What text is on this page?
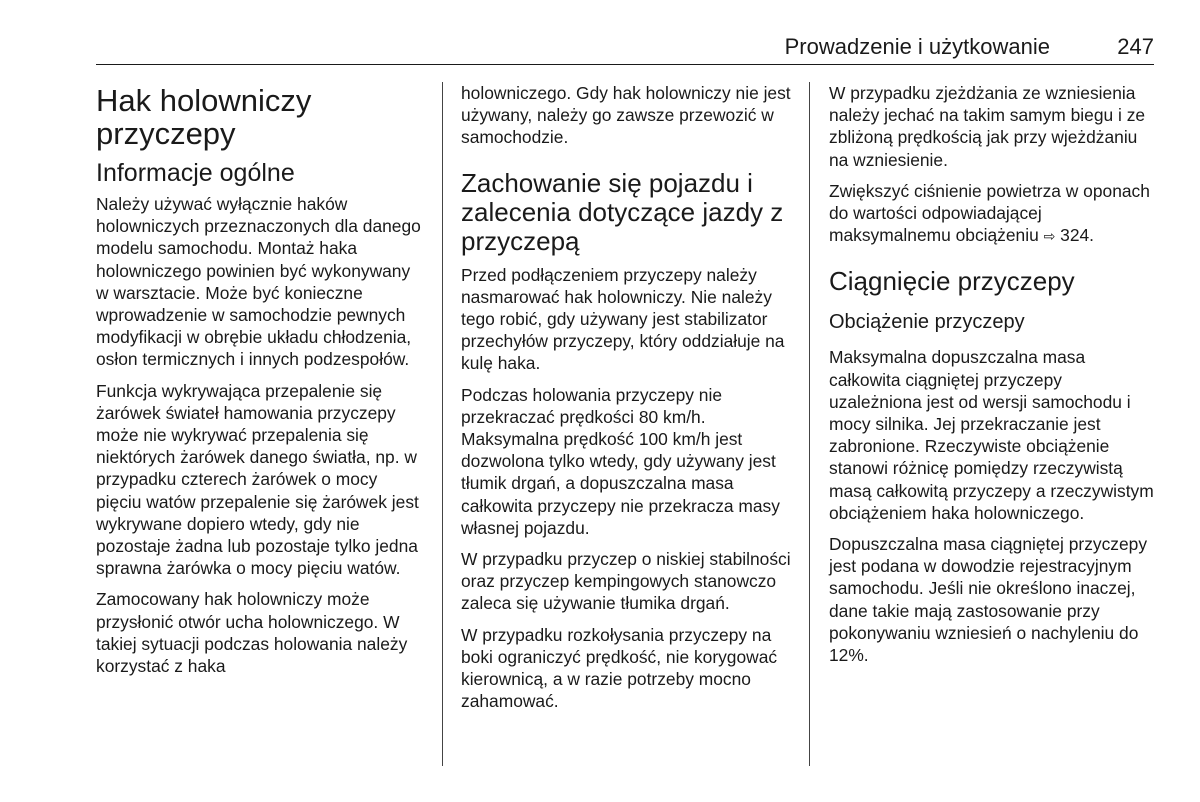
Prowadzenie i użytkowanie	247
Hak holowniczy przyczepy
Informacje ogólne

Należy używać wyłącznie haków holowniczych przeznaczonych dla danego modelu samochodu. Montaż haka holowniczego powinien być wykonywany w warsztacie. Może być konieczne wprowadzenie w samochodzie pewnych modyfikacji w obrębie układu chłodzenia, osłon termicznych i innych podzespołów.

Funkcja wykrywająca przepalenie się żarówek świateł hamowania przyczepy może nie wykrywać przepalenia się niektórych żarówek danego światła, np. w przypadku czterech żarówek o mocy pięciu watów przepalenie się żarówek jest wykrywane dopiero wtedy, gdy nie pozostaje żadna lub pozostaje tylko jedna sprawna żarówka o mocy pięciu watów.

Zamocowany hak holowniczy może przysłonić otwór ucha holowniczego. W takiej sytuacji podczas holowania należy korzystać z haka

holowniczego. Gdy hak holowniczy nie jest używany, należy go zawsze przewozić w samochodzie.

Zachowanie się pojazdu i zalecenia dotyczące jazdy z przyczepą

Przed podłączeniem przyczepy należy nasmarować hak holowniczy. Nie należy tego robić, gdy używany jest stabilizator przechyłów przyczepy, który oddziałuje na kulę haka.

Podczas holowania przyczepy nie przekraczać prędkości 80 km/h. Maksymalna prędkość 100 km/h jest dozwolona tylko wtedy, gdy używany jest tłumik drgań, a dopuszczalna masa całkowita przyczepy nie przekracza masy własnej pojazdu.

W przypadku przyczep o niskiej stabilności oraz przyczep kempingowych stanowczo zaleca się używanie tłumika drgań.

W przypadku rozkołysania przyczepy na boki ograniczyć prędkość, nie korygować kierownicą, a w razie potrzeby mocno zahamować.

W przypadku zjeżdżania ze wzniesienia należy jechać na takim samym biegu i ze zbliżoną prędkością jak przy wjeżdżaniu na wzniesienie.

Zwiększyć ciśnienie powietrza w oponach do wartości odpowiadającej maksymalnemu obciążeniu ⇨ 324.

Ciągnięcie przyczepy
Obciążenie przyczepy

Maksymalna dopuszczalna masa całkowita ciągniętej przyczepy uzależniona jest od wersji samochodu i mocy silnika. Jej przekraczanie jest zabronione. Rzeczywiste obciążenie stanowi różnicę pomiędzy rzeczywistą masą całkowitą przyczepy a rzeczywistym obciążeniem haka holowniczego.

Dopuszczalna masa ciągniętej przyczepy jest podana w dowodzie rejestracyjnym samochodu. Jeśli nie określono inaczej, dane takie mają zastosowanie przy pokonywaniu wzniesień o nachyleniu do 12%.
